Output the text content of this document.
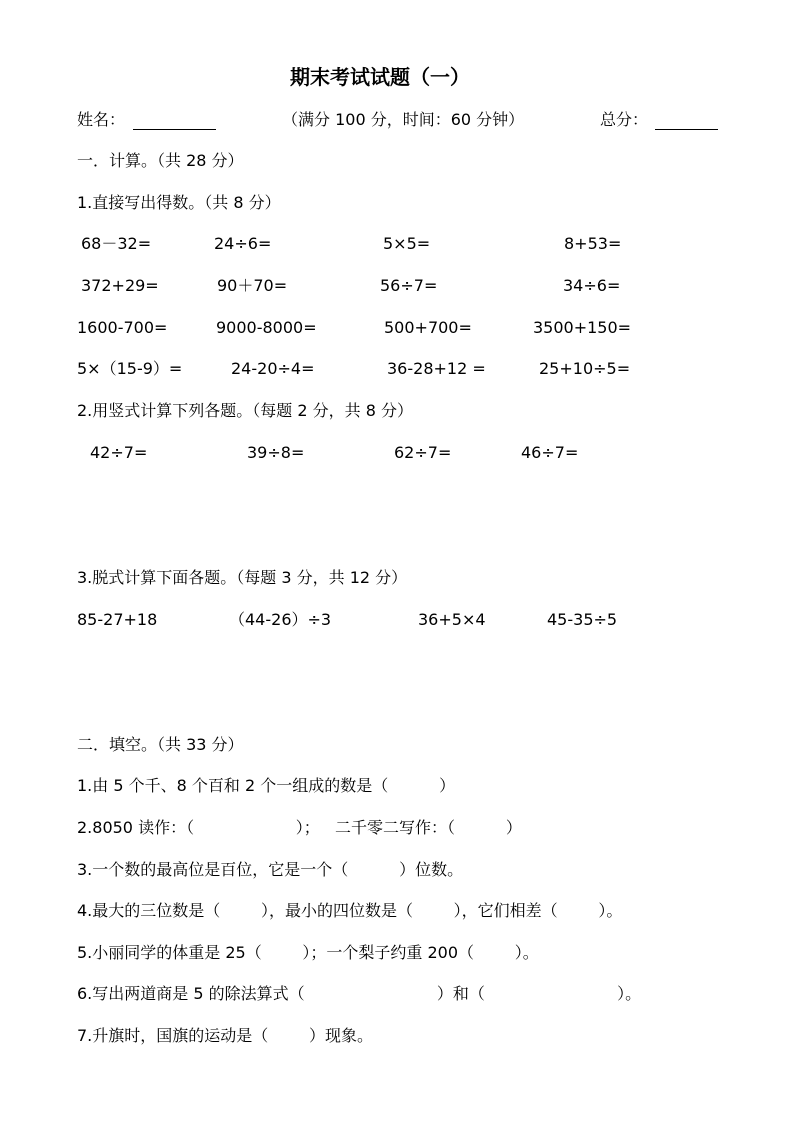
期末考试试题（一）
姓名：	（满分 100 分，时间：60 分钟）	总分：
一．计算。（共 28 分）
1.直接写出得数。（共 8 分）
68－32=	24÷6=	5×5=	8+53=
372+29=	90＋70=	56÷7=	34÷6=
1600-700=	9000-8000=	500+700=	3500+150=
5×（15-9）=	24-20÷4=	36-28+12 =	25+10÷5=
2.用竖式计算下列各题。（每题 2 分，共 8 分）
42÷7=	39÷8=	62÷7=	46÷7=
3.脱式计算下面各题。（每题 3 分，共 12 分）
85-27+18	（44-26）÷3	36+5×4	45-35÷5
二．填空。（共 33 分）
1.由 5 个千、8 个百和 2 个一组成的数是（          ）
2.8050 读作：（                    ）；   二千零二写作：（          ）
3.一个数的最高位是百位，它是一个（          ）位数。
4.最大的三位数是（        ），最小的四位数是（        ），它们相差（        ）。
5.小丽同学的体重是 25（        ）；一个梨子约重 200（        ）。
6.写出两道商是 5 的除法算式（                          ）和（                          ）。
7.升旗时，国旗的运动是（        ）现象。
